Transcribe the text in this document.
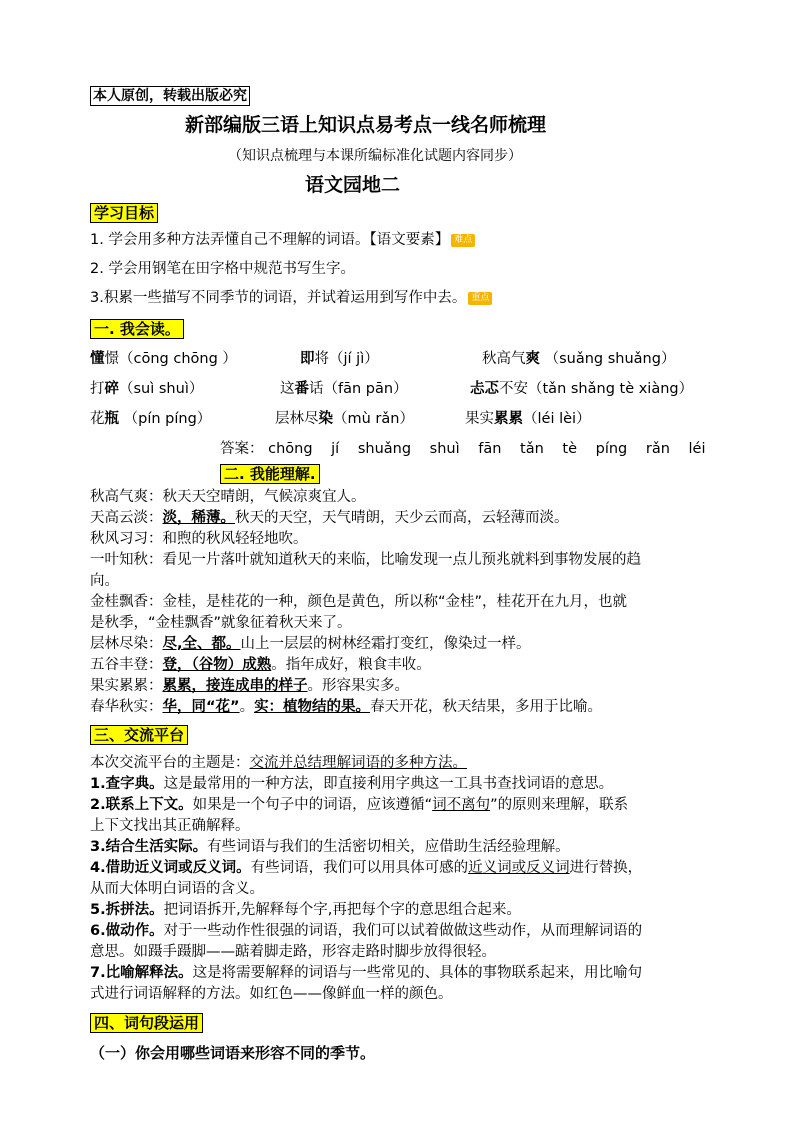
本人原创，转载出版必究
新部编版三语上知识点易考点一线名师梳理
（知识点梳理与本课所编标准化试题内容同步）
语文园地二
学习目标
1. 学会用多种方法弄懂自己不理解的词语。【语文要素】 难点
2. 学会用钢笔在田字格中规范书写生字。
3.积累一些描写不同季节的词语，并试着运用到写作中去。 重点
一. 我会读。
懂憬（cōng chōng ）	即将（jí jì）	秋高气爽 （suǎng shuǎng）
打碎（suì shuì）	这番话（fān pān）	忐忑不安（tǎn shǎng tè xiàng）
花瓶 （pín píng）	层林尽染（mù rǎn）	果实累累（léi lèi）
答案： chōng jí shuǎng shuì fān tǎn tè píng rǎn léi
二. 我能理解.
秋高气爽：秋天天空晴朗，气候凉爽宜人。
天高云淡：淡，稀薄。秋天的天空，天气晴朗，天少云而高，云轻薄而淡。
秋风习习：和煦的秋风轻轻地吹。
一叶知秋：看见一片落叶就知道秋天的来临，比喻发现一点儿预兆就料到事物发展的趋
向。
金桂飘香：金桂，是桂花的一种，颜色是黄色，所以称“金桂”，桂花开在九月，也就
是秋季，“金桂飘香”就象征着秋天来了。
层林尽染：尽,全、都。山上一层层的树林经霜打变红，像染过一样。
五谷丰登：登，（谷物）成熟。指年成好，粮食丰收。
果实累累：累累，接连成串的样子。形容果实多。
春华秋实：华，同“花”。实：植物结的果。春天开花，秋天结果，多用于比喻。
三、交流平台
本次交流平台的主题是：交流并总结理解词语的多种方法。
1.查字典。这是最常用的一种方法，即直接利用字典这一工具书查找词语的意思。
2.联系上下文。如果是一个句子中的词语，应该遵循“词不离句”的原则来理解，联系
上下文找出其正确解释。
3.结合生活实际。有些词语与我们的生活密切相关，应借助生活经验理解。
4.借助近义词或反义词。有些词语，我们可以用具体可感的近义词或反义词进行替换，
从而大体明白词语的含义。
5.拆拼法。把词语拆开,先解释每个字,再把每个字的意思组合起来。
6.做动作。对于一些动作性很强的词语，我们可以试着做做这些动作，从而理解词语的
意思。如蹑手蹑脚——踮着脚走路，形容走路时脚步放得很轻。
7.比喻解释法。这是将需要解释的词语与一些常见的、具体的事物联系起来，用比喻句
式进行词语解释的方法。如红色——像鲜血一样的颜色。
四、词句段运用
（一）你会用哪些词语来形容不同的季节。
